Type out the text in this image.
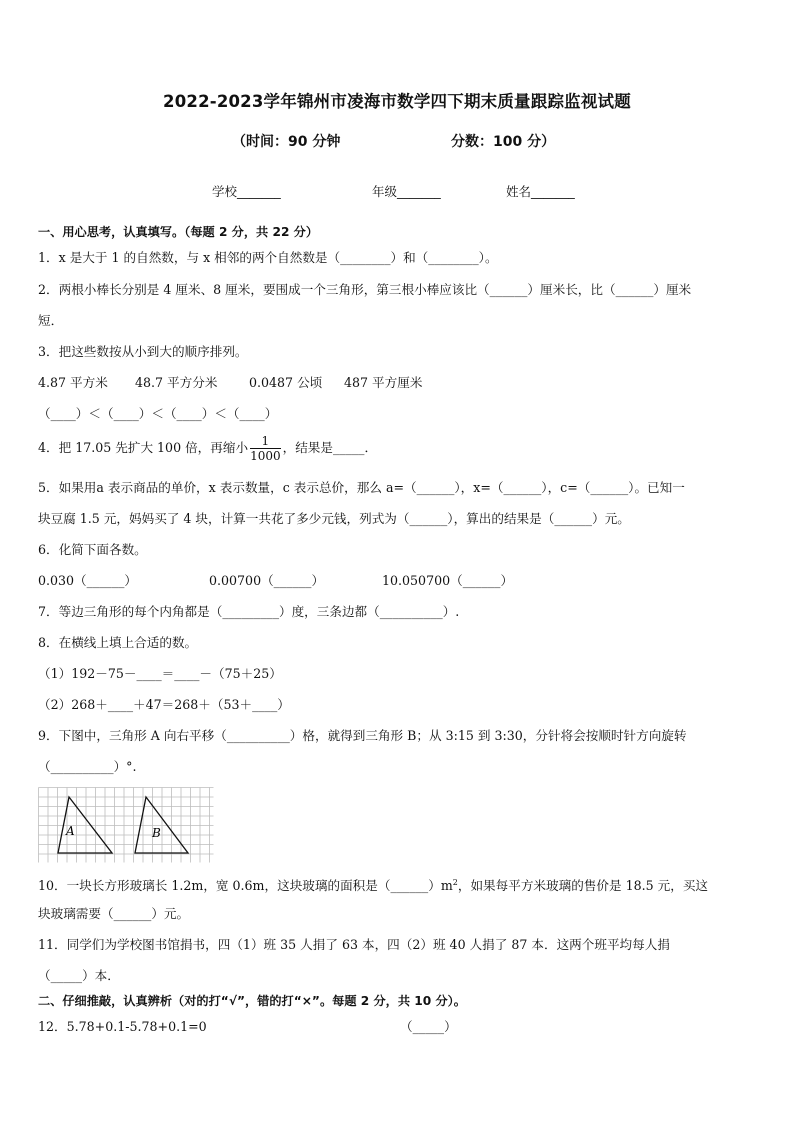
2022-2023学年锦州市凌海市数学四下期末质量跟踪监视试题
（时间：90 分钟	分数：100 分）
学校_______	年级_______	姓名_______
一、用心思考，认真填写。（每题 2 分，共 22 分）
1．x 是大于 1 的自然数，与 x 相邻的两个自然数是（________）和（________）。
2．两根小棒长分别是 4 厘米、8 厘米，要围成一个三角形，第三根小棒应该比（______）厘米长，比（______）厘米
短．
3．把这些数按从小到大的顺序排列。
4.87 平方米 48.7 平方分米	0.0487 公顷 487 平方厘米
（____）＜（____）＜（____）＜（____）
4．把 17.05 先扩大 100 倍，再缩小 $\frac{1}{1000}$ ，结果是_____．
5．如果用a 表示商品的单价，x 表示数量，c 表示总价，那么 a=（______），x=（______），c=（______）。已知一
块豆腐 1.5 元，妈妈买了 4 块，计算一共花了多少元钱，列式为（______），算出的结果是（______）元。
6．化简下面各数。
0.030（______）	0.00700（______）	10.050700（______）
7．等边三角形的每个内角都是（_________）度，三条边都（__________）.
8．在横线上填上合适的数。
（1）192－75－____＝____－（75＋25）
（2）268＋____＋47＝268＋（53＋____）
9．下图中，三角形 A 向右平移（__________）格，就得到三角形 B；从 3:15 到 3:30，分针将会按顺时针方向旋转
（__________）°.
A	B
10．一块长方形玻璃长 1.2m，宽 0.6m，这块玻璃的面积是$(\_\_\_\_\_\_)m^2$，如果每平方米玻璃的售价是 18.5 元，买这
块玻璃需要（______）元。
11．同学们为学校图书馆捐书，四（1）班 35 人捐了 63 本，四（2）班 40 人捐了 87 本．这两个班平均每人捐
（_____）本．
二、仔细推敲，认真辨析（对的打“√”，错的打“×”。每题 2 分，共 10 分）。
12．5.78+0.1-5.78+0.1=0	（_____）
